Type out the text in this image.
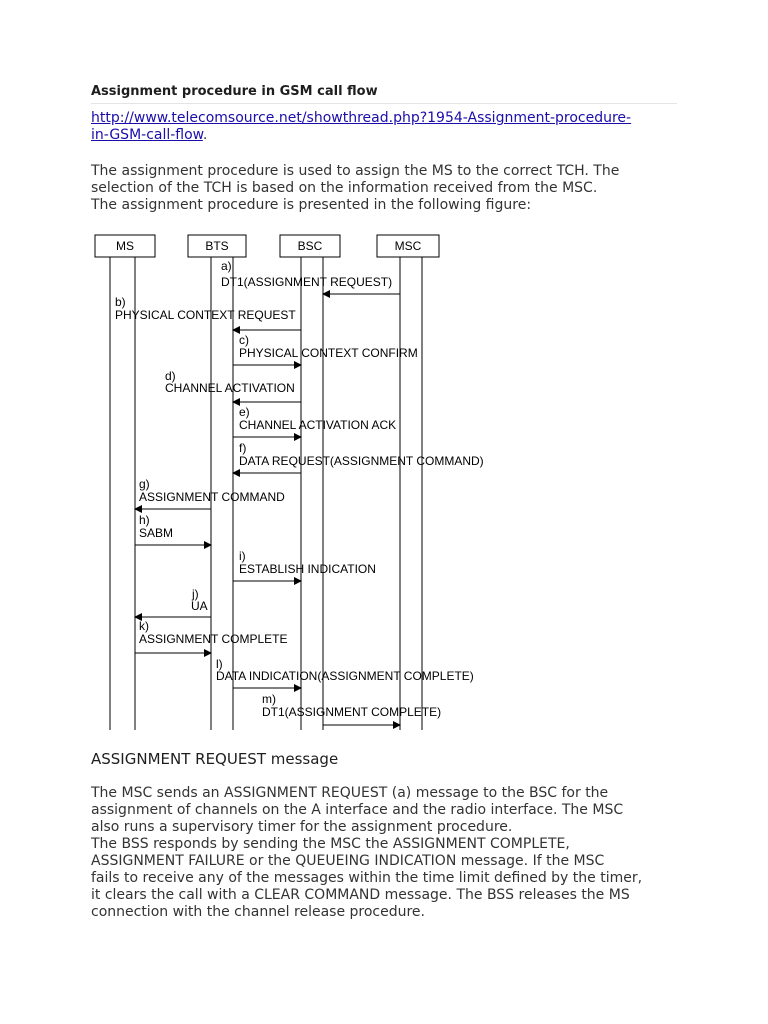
Assignment procedure in GSM call flow
http://www.telecomsource.net/showthread.php?1954-Assignment-procedure-
in-GSM-call-flow.
The assignment procedure is used to assign the MS to the correct TCH. The
selection of the TCH is based on the information received from the MSC.
The assignment procedure is presented in the following figure:
MS	BTS	BSC	MSC
a)
DT1(ASSIGNMENT REQUEST)
b)
PHYSICAL CONTEXT REQUEST
c)
PHYSICAL CONTEXT CONFIRM
d)
CHANNEL ACTIVATION
e)
CHANNEL ACTIVATION ACK
f)
DATA REQUEST(ASSIGNMENT COMMAND)
g)
ASSIGNMENT COMMAND
h)
SABM
i)
ESTABLISH INDICATION
j)
UA
k)
ASSIGNMENT COMPLETE
l)
DATA INDICATION(ASSIGNMENT COMPLETE)
m)
DT1(ASSIGNMENT COMPLETE)
ASSIGNMENT REQUEST message
The MSC sends an ASSIGNMENT REQUEST (a) message to the BSC for the
assignment of channels on the A interface and the radio interface. The MSC
also runs a supervisory timer for the assignment procedure.
The BSS responds by sending the MSC the ASSIGNMENT COMPLETE,
ASSIGNMENT FAILURE or the QUEUEING INDICATION message. If the MSC
fails to receive any of the messages within the time limit defined by the timer,
it clears the call with a CLEAR COMMAND message. The BSS releases the MS
connection with the channel release procedure.
